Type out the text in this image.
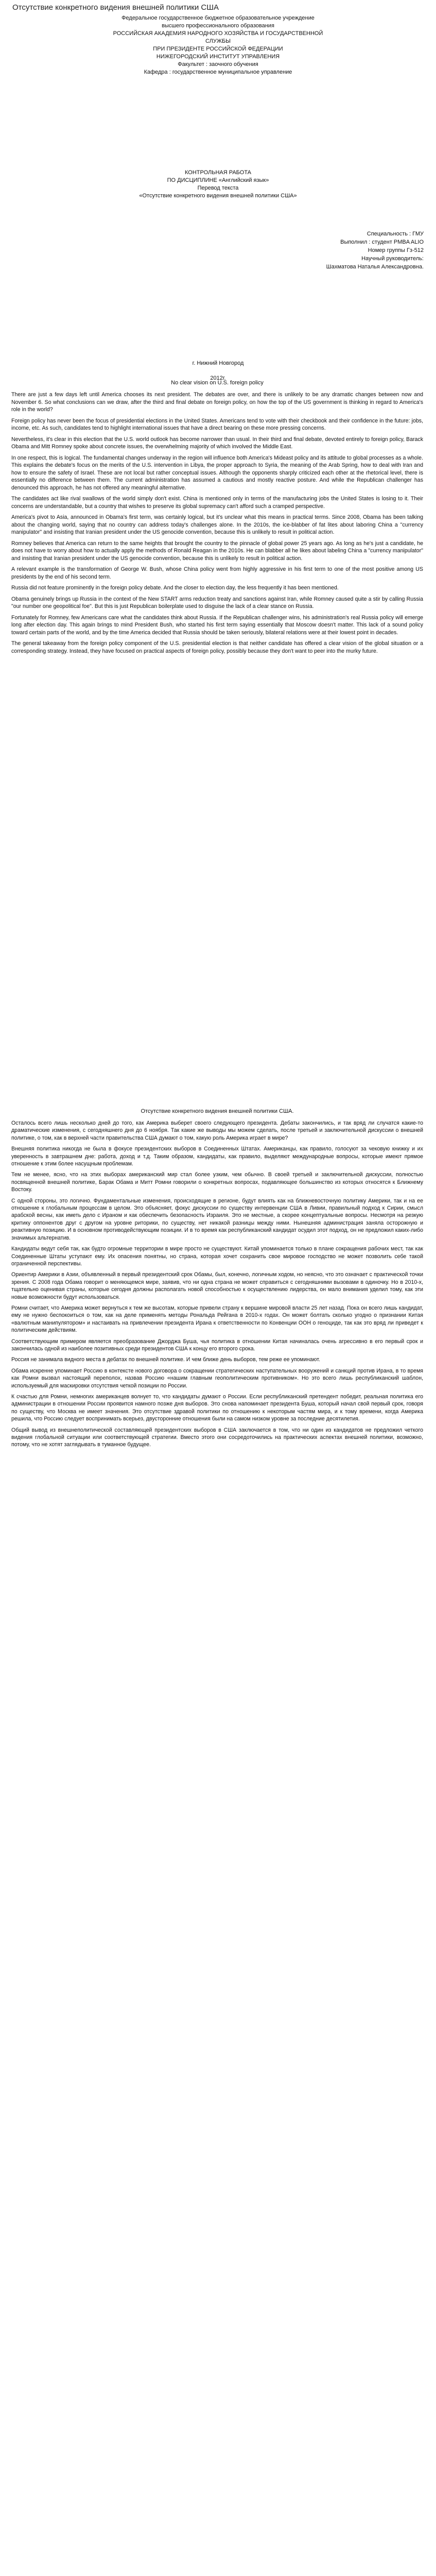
Отсутствие конкретного видения внешней политики США
Федеральное государственное бюджетное образовательное учреждение
высшего профессионального образования
РОССИЙСКАЯ АКАДЕМИЯ НАРОДНОГО ХОЗЯЙСТВА И ГОСУДАРСТВЕННОЙ СЛУЖБЫ
ПРИ ПРЕЗИДЕНТЕ РОССИЙСКОЙ ФЕДЕРАЦИИ
НИЖЕГОРОДСКИЙ ИНСТИТУТ УПРАВЛЕНИЯ
Факультет : заочного обучения
Кафедра : государственное муниципальное управление
КОНТРОЛЬНАЯ РАБОТА
ПО ДИСЦИПЛИНЕ «Английский язык»
Перевод текста
«Отсутствие конкретного видения внешней политики США»
Специальность : ГМУ
Выполнил : студент PMBA ALIO
Номер группы Гз-512
Научный руководитель:
Шахматова Наталья Александровна.
г. Нижний Новгород
2012г.
No clear vision on U.S. foreign policy

There are just a few days left until America chooses its next president. The debates are over, and there is unlikely to be any dramatic changes between now and November 6. So what conclusions can we draw, after the third and final debate on foreign policy, on how the top of the US government is thinking in regard to America's role in the world?

Foreign policy has never been the focus of presidential elections in the United States. Americans tend to vote with their checkbook and their confidence in the future: jobs, income, etc. As such, candidates tend to highlight international issues that have a direct bearing on these more pressing concerns.

Nevertheless, it's clear in this election that the U.S. world outlook has become narrower than usual. In their third and final debate, devoted entirely to foreign policy, Barack Obama and Mitt Romney spoke about concrete issues, the overwhelming majority of which involved the Middle East.

In one respect, this is logical. The fundamental changes underway in the region will influence both America's Mideast policy and its attitude to global processes as a whole. This explains the debate's focus on the merits of the U.S. intervention in Libya, the proper approach to Syria, the meaning of the Arab Spring, how to deal with Iran and how to ensure the safety of Israel. These are not local but rather conceptual issues. Although the opponents sharply criticized each other at the rhetorical level, there is essentially no difference between them. The current administration has assumed a cautious and mostly reactive posture. And while the Republican challenger has denounced this approach, he has not offered any meaningful alternative.

The candidates act like rival swallows of the world simply don't exist. China is mentioned only in terms of the manufacturing jobs the United States is losing to it. Their concerns are understandable, but a country that wishes to preserve its global supremacy can't afford such a cramped perspective.

America's pivot to Asia, announced in Obama's first term, was certainly logical, but it's unclear what this means in practical terms. Since 2008, Obama has been talking about the changing world, saying that no country can address today's challenges alone. In the 2010s, the ice-blabber of fat lites about laboring China a "currency manipulator" and insisting that Iranian president under the US genocide convention, because this is unlikely to result in political action.

Romney believes that America can return to the same heights that brought the country to the pinnacle of global power 25 years ago. As long as he's just a candidate, he does not have to worry about how to actually apply the methods of Ronald Reagan in the 2010s. He can blabber all he likes about labeling China a "currency manipulator" and insisting that Iranian president under the US genocide convention, because this is unlikely to result in political action.

A relevant example is the transformation of George W. Bush, whose China policy went from highly aggressive in his first term to one of the most positive among US presidents by the end of his second term.

Russia did not feature prominently in the foreign policy debate. And the closer to election day, the less frequently it has been mentioned.

Obama genuinely brings up Russia in the context of the New START arms reduction treaty and sanctions against Iran, while Romney caused quite a stir by calling Russia "our number one geopolitical foe". But this is just Republican boilerplate used to disguise the lack of a clear stance on Russia.

Fortunately for Romney, few Americans care what the candidates think about Russia. If the Republican challenger wins, his administration's real Russia policy will emerge long after election day. This again brings to mind President Bush, who started his first term saying essentially that Moscow doesn't matter. This lack of a sound policy toward certain parts of the world, and by the time America decided that Russia should be taken seriously, bilateral relations were at their lowest point in decades.

The general takeaway from the foreign policy component of the U.S. presidential election is that neither candidate has offered a clear vision of the global situation or a corresponding strategy. Instead, they have focused on practical aspects of foreign policy, possibly because they don't want to peer into the murky future.

Отсутствие конкретного видения внешней политики США.

Осталось всего лишь несколько дней до того, как Америка выберет своего следующего президента. Дебаты закончились, и так вряд ли случатся какие-то драматические изменения, с сегодняшнего дня до 6 ноября. Так какие же выводы мы можем сделать, после третьей и заключительной дискуссии о внешней политике, о том, как в верхней части правительства США думают о том, какую роль Америка играет в мире?

Внешняя политика никогда не была в фокусе президентских выборов в Соединенных Штатах. Американцы, как правило, голосуют за чековую книжку и их уверенность в завтрашнем дне: работа, доход и т.д. Таким образом, кандидаты, как правило, выделяют международные вопросы, которые имеют прямое отношение к этим более насущным проблемам.

Тем не менее, ясно, что на этих выборах американский мир стал более узким, чем обычно. В своей третьей и заключительной дискуссии, полностью посвященной внешней политике, Барак Обама и Митт Ромни говорили о конкретных вопросах, подавляющее большинство из которых относятся к Ближнему Востоку.

С одной стороны, это логично. Фундаментальные изменения, происходящие в регионе, будут влиять как на ближневосточную политику Америки, так и на ее отношение к глобальным процессам в целом. Это объясняет, фокус дискуссии по существу интервенции США в Ливии, правильный подход к Сирии, смысл арабской весны, как иметь дело с Ираном и как обеспечить безопасность Израиля. Это не местные, а скорее концептуальные вопросы. Несмотря на резкую критику оппонентов друг с другом на уровне риторики, по существу, нет никакой разницы между ними. Нынешняя администрация заняла осторожную и реактивную позицию. И в основном противодействующим позиции. И в то время как республиканский кандидат осудил этот подход, он не предложил каких-либо значимых альтернатив.

Кандидаты ведут себя так, как будто огромные территории в мире просто не существуют. Китай упоминается только в плане сокращения рабочих мест, так как Соединенные Штаты уступают ему. Их опасения понятны, но страна, которая хочет сохранить свое мировое господство не может позволить себе такой ограниченной перспективы.

Ориентир Америки в Азии, объявленный в первый президентский срок Обамы, был, конечно, логичным ходом, но неясно, что это означает с практической точки зрения. С 2008 года Обама говорит о меняющемся мире, заявив, что ни одна страна не может справиться с сегодняшними вызовами в одиночку. Но в 2010-х, тщательно оценивая страны, которые сегодня должны располагать новой способностью к осуществлению лидерства, он мало внимания уделил тому, как эти новые возможности будут использоваться.

Ромни считает, что Америка может вернуться к тем же высотам, которые привели страну к вершине мировой власти 25 лет назад. Пока он всего лишь кандидат, ему не нужно беспокоиться о том, как на деле применять методы Рональда Рейгана в 2010-х годах. Он может болтать сколько угодно о признании Китая «валютным манипулятором» и настаивать на привлечении президента Ирана к ответственности по Конвенции ООН о геноциде, так как это вряд ли приведет к политическим действиям.

Соответствующим примером является преобразование Джорджа Буша, чья политика в отношении Китая начиналась очень агрессивно в его первый срок и закончилась одной из наиболее позитивных среди президентов США к концу его второго срока.

Россия не занимала видного места в дебатах по внешней политике. И чем ближе день выборов, тем реже ее упоминают.

Обама искренне упоминает Россию в контексте нового договора о сокращении стратегических наступательных вооружений и санкций против Ирана, в то время как Ромни вызвал настоящий переполох, назвав Россию «нашим главным геополитическим противником». Но это всего лишь республиканский шаблон, используемый для маскировки отсутствия четкой позиции по России.

К счастью для Ромни, немногих американцев волнует то, что кандидаты думают о России. Если республиканский претендент победит, реальная политика его администрации в отношении России проявится намного позже дня выборов. Это снова напоминает президента Буша, который начал свой первый срок, говоря по существу, что Москва не имеет значения. Это отсутствие здравой политики по отношению к некоторым частям мира, и к тому времени, когда Америка решила, что Россию следует воспринимать всерьез, двусторонние отношения были на самом низком уровне за последние десятилетия.

Общий вывод из внешнеполитической составляющей президентских выборов в США заключается в том, что ни один из кандидатов не предложил четкого видения глобальной ситуации или соответствующей стратегии. Вместо этого они сосредоточились на практических аспектах внешней политики, возможно, потому, что не хотят заглядывать в туманное будущее.
